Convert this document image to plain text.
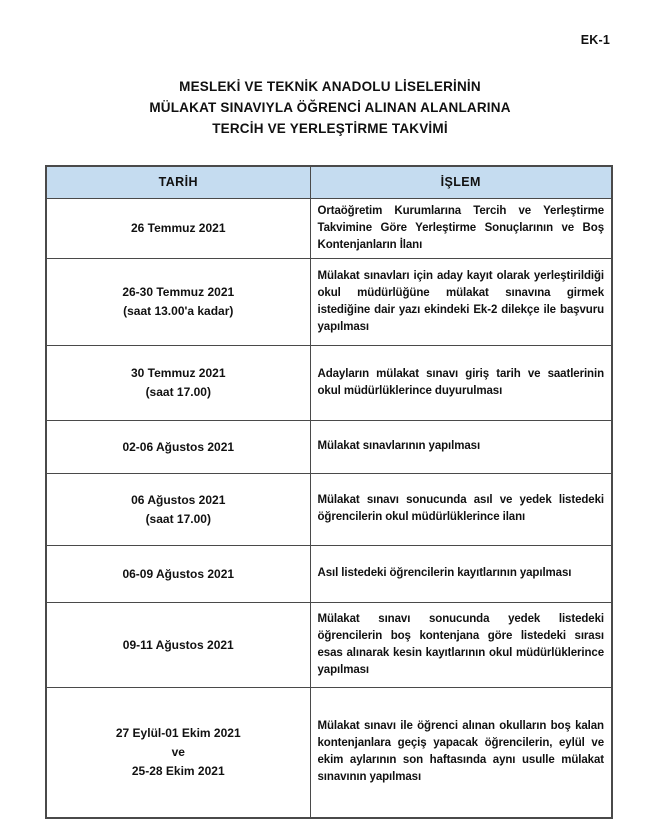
EK-1
MESLEKİ VE TEKNİK ANADOLU LİSELERİNİN
MÜLAKAT SINAVIYLA ÖĞRENCİ ALINAN ALANLARINA
TERCİH VE YERLEŞTİRME TAKVİMİ
TARİH	İŞLEM

26 Temmuz 2021	Ortaöğretim Kurumlarına Tercih ve Yerleştirme Takvimine Göre Yerleştirme Sonuçlarının ve Boş Kontenjanların İlanı

26-30 Temmuz 2021
(saat 13.00'a kadar)	Mülakat sınavları için aday kayıt olarak yerleştirildiği okul müdürlüğüne mülakat sınavına girmek istediğine dair yazı ekindeki Ek-2 dilekçe ile başvuru yapılması

30 Temmuz 2021
(saat 17.00)	Adayların mülakat sınavı giriş tarih ve saatlerinin okul müdürlüklerince duyurulması

02-06 Ağustos 2021	Mülakat sınavlarının yapılması

06 Ağustos 2021
(saat 17.00)	Mülakat sınavı sonucunda asıl ve yedek listedeki öğrencilerin okul müdürlüklerince ilanı

06-09 Ağustos 2021	Asıl listedeki öğrencilerin kayıtlarının yapılması

09-11 Ağustos 2021	Mülakat sınavı sonucunda yedek listedeki öğrencilerin boş kontenjana göre listedeki sırası esas alınarak kesin kayıtlarının okul müdürlüklerince yapılması

27 Eylül-01 Ekim 2021
ve
25-28 Ekim 2021	Mülakat sınavı ile öğrenci alınan okulların boş kalan kontenjanlara geçiş yapacak öğrencilerin, eylül ve ekim aylarının son haftasında aynı usulle mülakat sınavının yapılması
